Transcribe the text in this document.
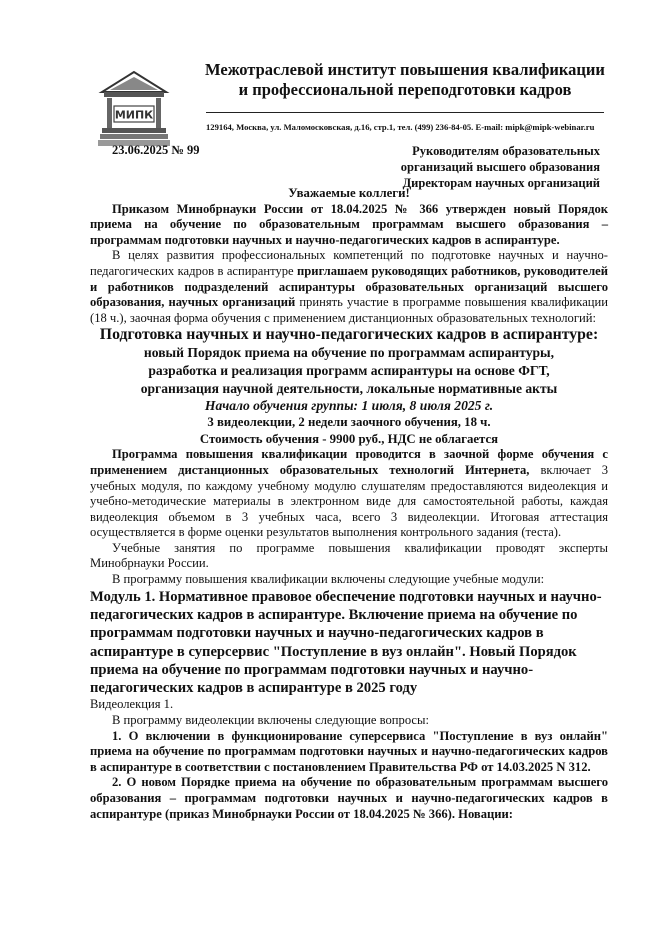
МИПК
Межотраслевой институт повышения квалификации
и профессиональной переподготовки кадров
129164, Москва, ул. Маломосковская, д.16, стр.1, тел. (499) 236-84-05. E-mail: mipk@mipk-webinar.ru
23.06.2025 № 99	Руководителям образовательных
организаций высшего образования
Директорам научных организаций

Уважаемые коллеги!

Приказом Минобрнауки России от 18.04.2025 № 366 утвержден новый Порядок приема на обучение по образовательным программам высшего образования – программам подготовки научных и научно-педагогических кадров в аспирантуре.

В целях развития профессиональных компетенций по подготовке научных и научно-педагогических кадров в аспирантуре приглашаем руководящих работников, руководителей и работников подразделений аспирантуры образовательных организаций высшего образования, научных организаций принять участие в программе повышения квалификации (18 ч.), заочная форма обучения с применением дистанционных образовательных технологий:

Подготовка научных и научно-педагогических кадров в аспирантуре:

новый Порядок приема на обучение по программам аспирантуры,

разработка и реализация программ аспирантуры на основе ФГТ,

организация научной деятельности, локальные нормативные акты

Начало обучения группы: 1 июля, 8 июля 2025 г.

3 видеолекции, 2 недели заочного обучения, 18 ч.

Стоимость обучения - 9900 руб., НДС не облагается

Программа повышения квалификации проводится в заочной форме обучения с применением дистанционных образовательных технологий Интернета, включает 3 учебных модуля, по каждому учебному модулю слушателям предоставляются видеолекция и учебно-методические материалы в электронном виде для самостоятельной работы, каждая видеолекция объемом в 3 учебных часа, всего 3 видеолекции. Итоговая аттестация осуществляется в форме оценки результатов выполнения контрольного задания (теста).

Учебные занятия по программе повышения квалификации проводят эксперты Минобрнауки России.

В программу повышения квалификации включены следующие учебные модули:

Модуль 1. Нормативное правовое обеспечение подготовки научных и научно-педагогических кадров в аспирантуре. Включение приема на обучение по программам подготовки научных и научно-педагогических кадров в аспирантуре в суперсервис "Поступление в вуз онлайн". Новый Порядок приема на обучение по программам подготовки научных и научно-педагогических кадров в аспирантуре в 2025 году

Видеолекция 1.

В программу видеолекции включены следующие вопросы:

1. О включении в функционирование суперсервиса "Поступление в вуз онлайн" приема на обучение по программам подготовки научных и научно-педагогических кадров в аспирантуре в соответствии с постановлением Правительства РФ от 14.03.2025 N 312.

2. О новом Порядке приема на обучение по образовательным программам высшего образования – программам подготовки научных и научно-педагогических кадров в аспирантуре (приказ Минобрнауки России от 18.04.2025 № 366). Новации:
